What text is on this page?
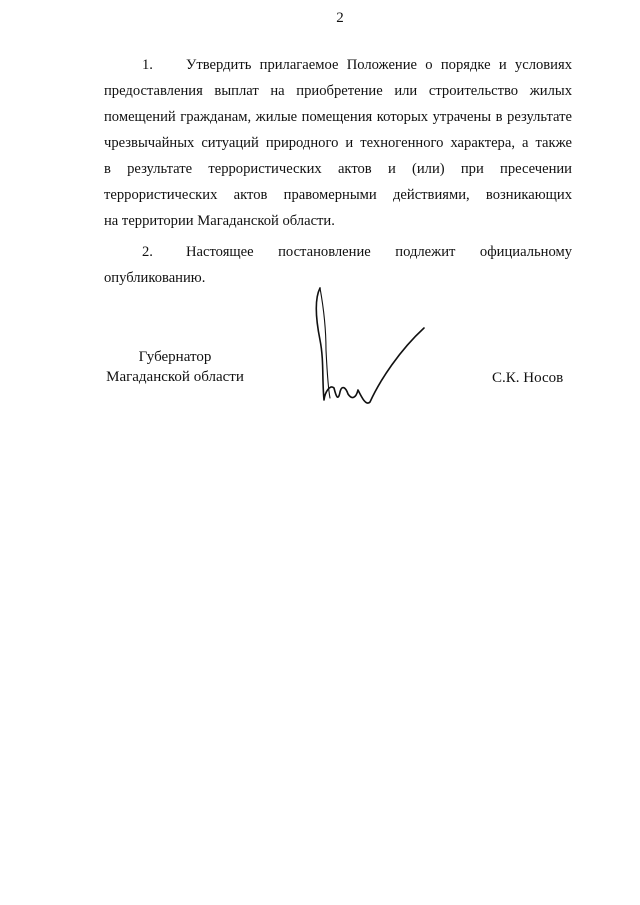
2
1.	Утвердить прилагаемое Положение о порядке и условиях
предоставления выплат на приобретение или строительство жилых
помещений гражданам, жилые помещения которых утрачены в результате
чрезвычайных ситуаций природного и техногенного характера, а также
в результате террористических актов и (или) при пресечении
террористических актов правомерными действиями, возникающих
на территории Магаданской области.
2.	Настоящее постановление подлежит официальному
опубликованию.
Губернатор
Магаданской области	С.К. Носов
